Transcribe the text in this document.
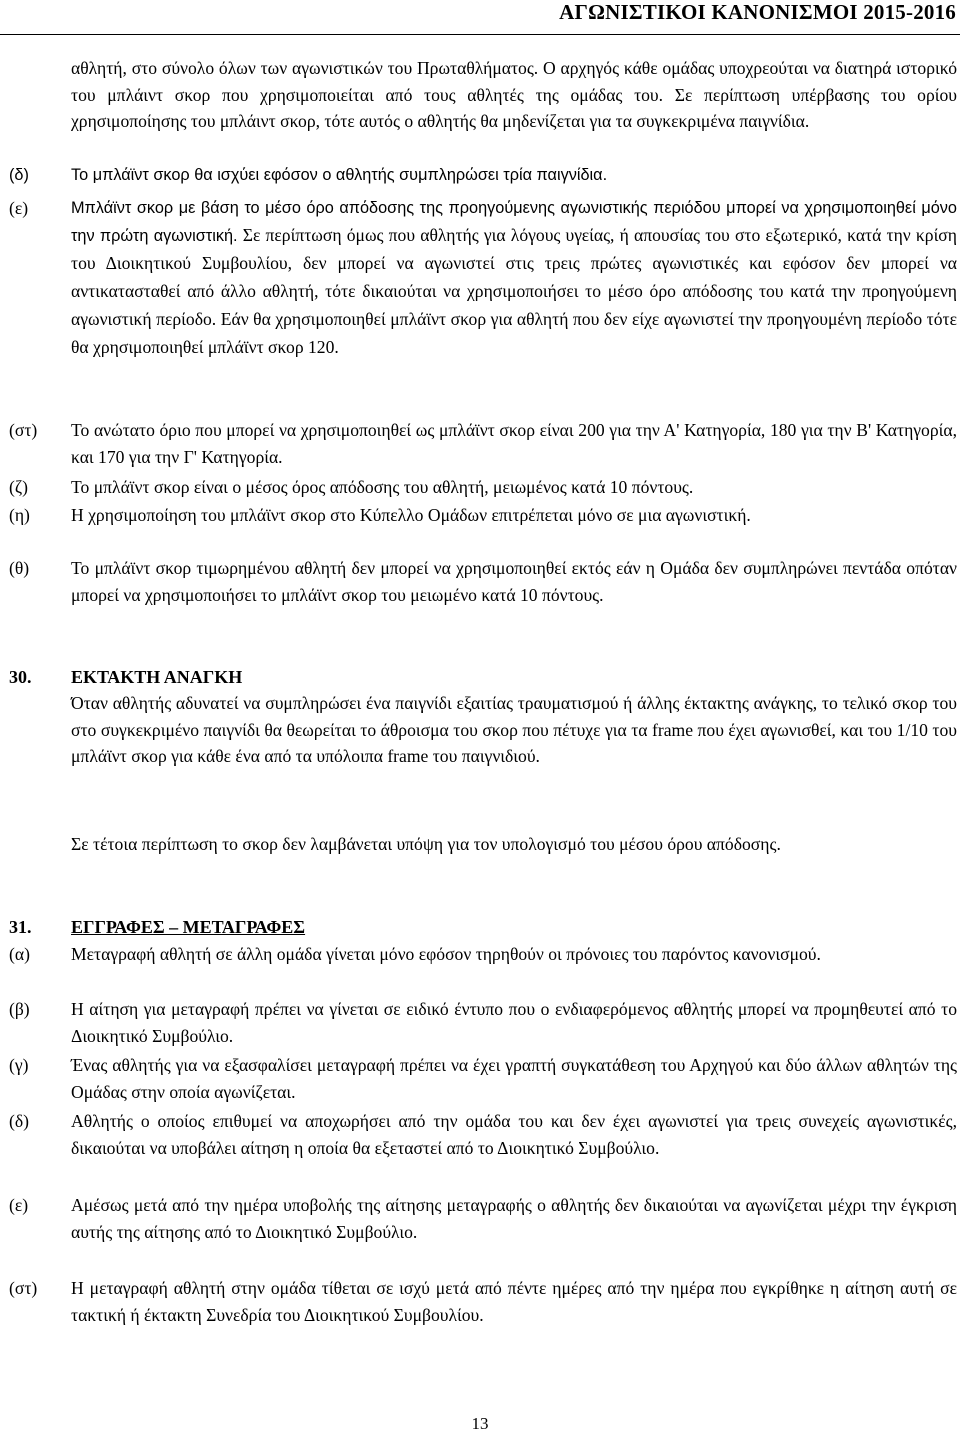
ΑΓΩΝΙΣΤΙΚΟΙ ΚΑΝΟΝΙΣΜΟΙ 2015-2016
αθλητή, στο σύνολο όλων των αγωνιστικών του Πρωταθλήματος. Ο αρχηγός κάθε ομάδας υποχρεούται να διατηρά ιστορικό του μπλάιντ σκορ που χρησιμοποιείται από τους αθλητές της ομάδας του. Σε περίπτωση υπέρβασης του ορίου χρησιμοποίησης του μπλάιντ σκορ, τότε αυτός ο αθλητής θα μηδενίζεται για τα συγκεκριμένα παιγνίδια.
(δ)	Το μπλάϊντ σκορ θα ισχύει εφόσον ο αθλητής συμπληρώσει τρία παιγνίδια.
(ε)	Μπλάϊντ σκορ με βάση το μέσο όρο απόδοσης της προηγούμενης αγωνιστικής περιόδου μπορεί να χρησιμοποιηθεί μόνο την πρώτη αγωνιστική. Σε περίπτωση όμως που αθλητής για λόγους υγείας, ή απουσίας του στο εξωτερικό, κατά την κρίση του Διοικητικού Συμβουλίου, δεν μπορεί να αγωνιστεί στις τρεις πρώτες αγωνιστικές και εφόσον δεν μπορεί να αντικατασταθεί από άλλο αθλητή, τότε δικαιούται να χρησιμοποιήσει το μέσο όρο απόδοσης του κατά την προηγούμενη αγωνιστική περίοδο. Εάν θα χρησιμοποιηθεί μπλάϊντ σκορ για αθλητή που δεν είχε αγωνιστεί την προηγουμένη περίοδο τότε θα χρησιμοποιηθεί μπλάϊντ σκορ 120.
(στ) Το ανώτατο όριο που μπορεί να χρησιμοποιηθεί ως μπλάϊντ σκορ είναι 200 για την Α' Κατηγορία, 180 για την Β' Κατηγορία, και 170 για την Γ' Κατηγορία.
(ζ) Το μπλάϊντ σκορ είναι ο μέσος όρος απόδοσης του αθλητή, μειωμένος κατά 10 πόντους.
(η) Η χρησιμοποίηση του μπλάϊντ σκορ στο Κύπελλο Ομάδων επιτρέπεται μόνο σε μια αγωνιστική.
(θ) Το μπλάϊντ σκορ τιμωρημένου αθλητή δεν μπορεί να χρησιμοποιηθεί εκτός εάν η Ομάδα δεν συμπληρώνει πεντάδα οπόταν μπορεί να χρησιμοποιήσει το μπλάϊντ σκορ του μειωμένο κατά 10 πόντους.
30. ΕΚΤΑΚΤΗ ΑΝΑΓΚΗ
Όταν αθλητής αδυνατεί να συμπληρώσει ένα παιγνίδι εξαιτίας τραυματισμού ή άλλης έκτακτης ανάγκης, το τελικό σκορ του στο συγκεκριμένο παιγνίδι θα θεωρείται το άθροισμα του σκορ που πέτυχε για τα frame που έχει αγωνισθεί, και του 1/10 του μπλάϊντ σκορ για κάθε ένα από τα υπόλοιπα frame του παιγνιδιού.
Σε τέτοια περίπτωση το σκορ δεν λαμβάνεται υπόψη για τον υπολογισμό του μέσου όρου απόδοσης.
31. ΕΓΓΡΑΦΕΣ – ΜΕΤΑΓΡΑΦΕΣ
(α) Μεταγραφή αθλητή σε άλλη ομάδα γίνεται μόνο εφόσον τηρηθούν οι πρόνοιες του παρόντος κανονισμού.
(β) Η αίτηση για μεταγραφή πρέπει να γίνεται σε ειδικό έντυπο που ο ενδιαφερόμενος αθλητής μπορεί να προμηθευτεί από το Διοικητικό Συμβούλιο.
(γ) Ένας αθλητής για να εξασφαλίσει μεταγραφή πρέπει να έχει γραπτή συγκατάθεση του Αρχηγού και δύο άλλων αθλητών της Ομάδας στην οποία αγωνίζεται.
(δ) Αθλητής ο οποίος επιθυμεί να αποχωρήσει από την ομάδα του και δεν έχει αγωνιστεί για τρεις συνεχείς αγωνιστικές, δικαιούται να υποβάλει αίτηση η οποία θα εξεταστεί από το Διοικητικό Συμβούλιο.
(ε) Αμέσως μετά από την ημέρα υποβολής της αίτησης μεταγραφής ο αθλητής δεν δικαιούται να αγωνίζεται μέχρι την έγκριση αυτής της αίτησης από το Διοικητικό Συμβούλιο.
(στ) Η μεταγραφή αθλητή στην ομάδα τίθεται σε ισχύ μετά από πέντε ημέρες από την ημέρα που εγκρίθηκε η αίτηση αυτή σε τακτική ή έκτακτη Συνεδρία του Διοικητικού Συμβουλίου.
13
